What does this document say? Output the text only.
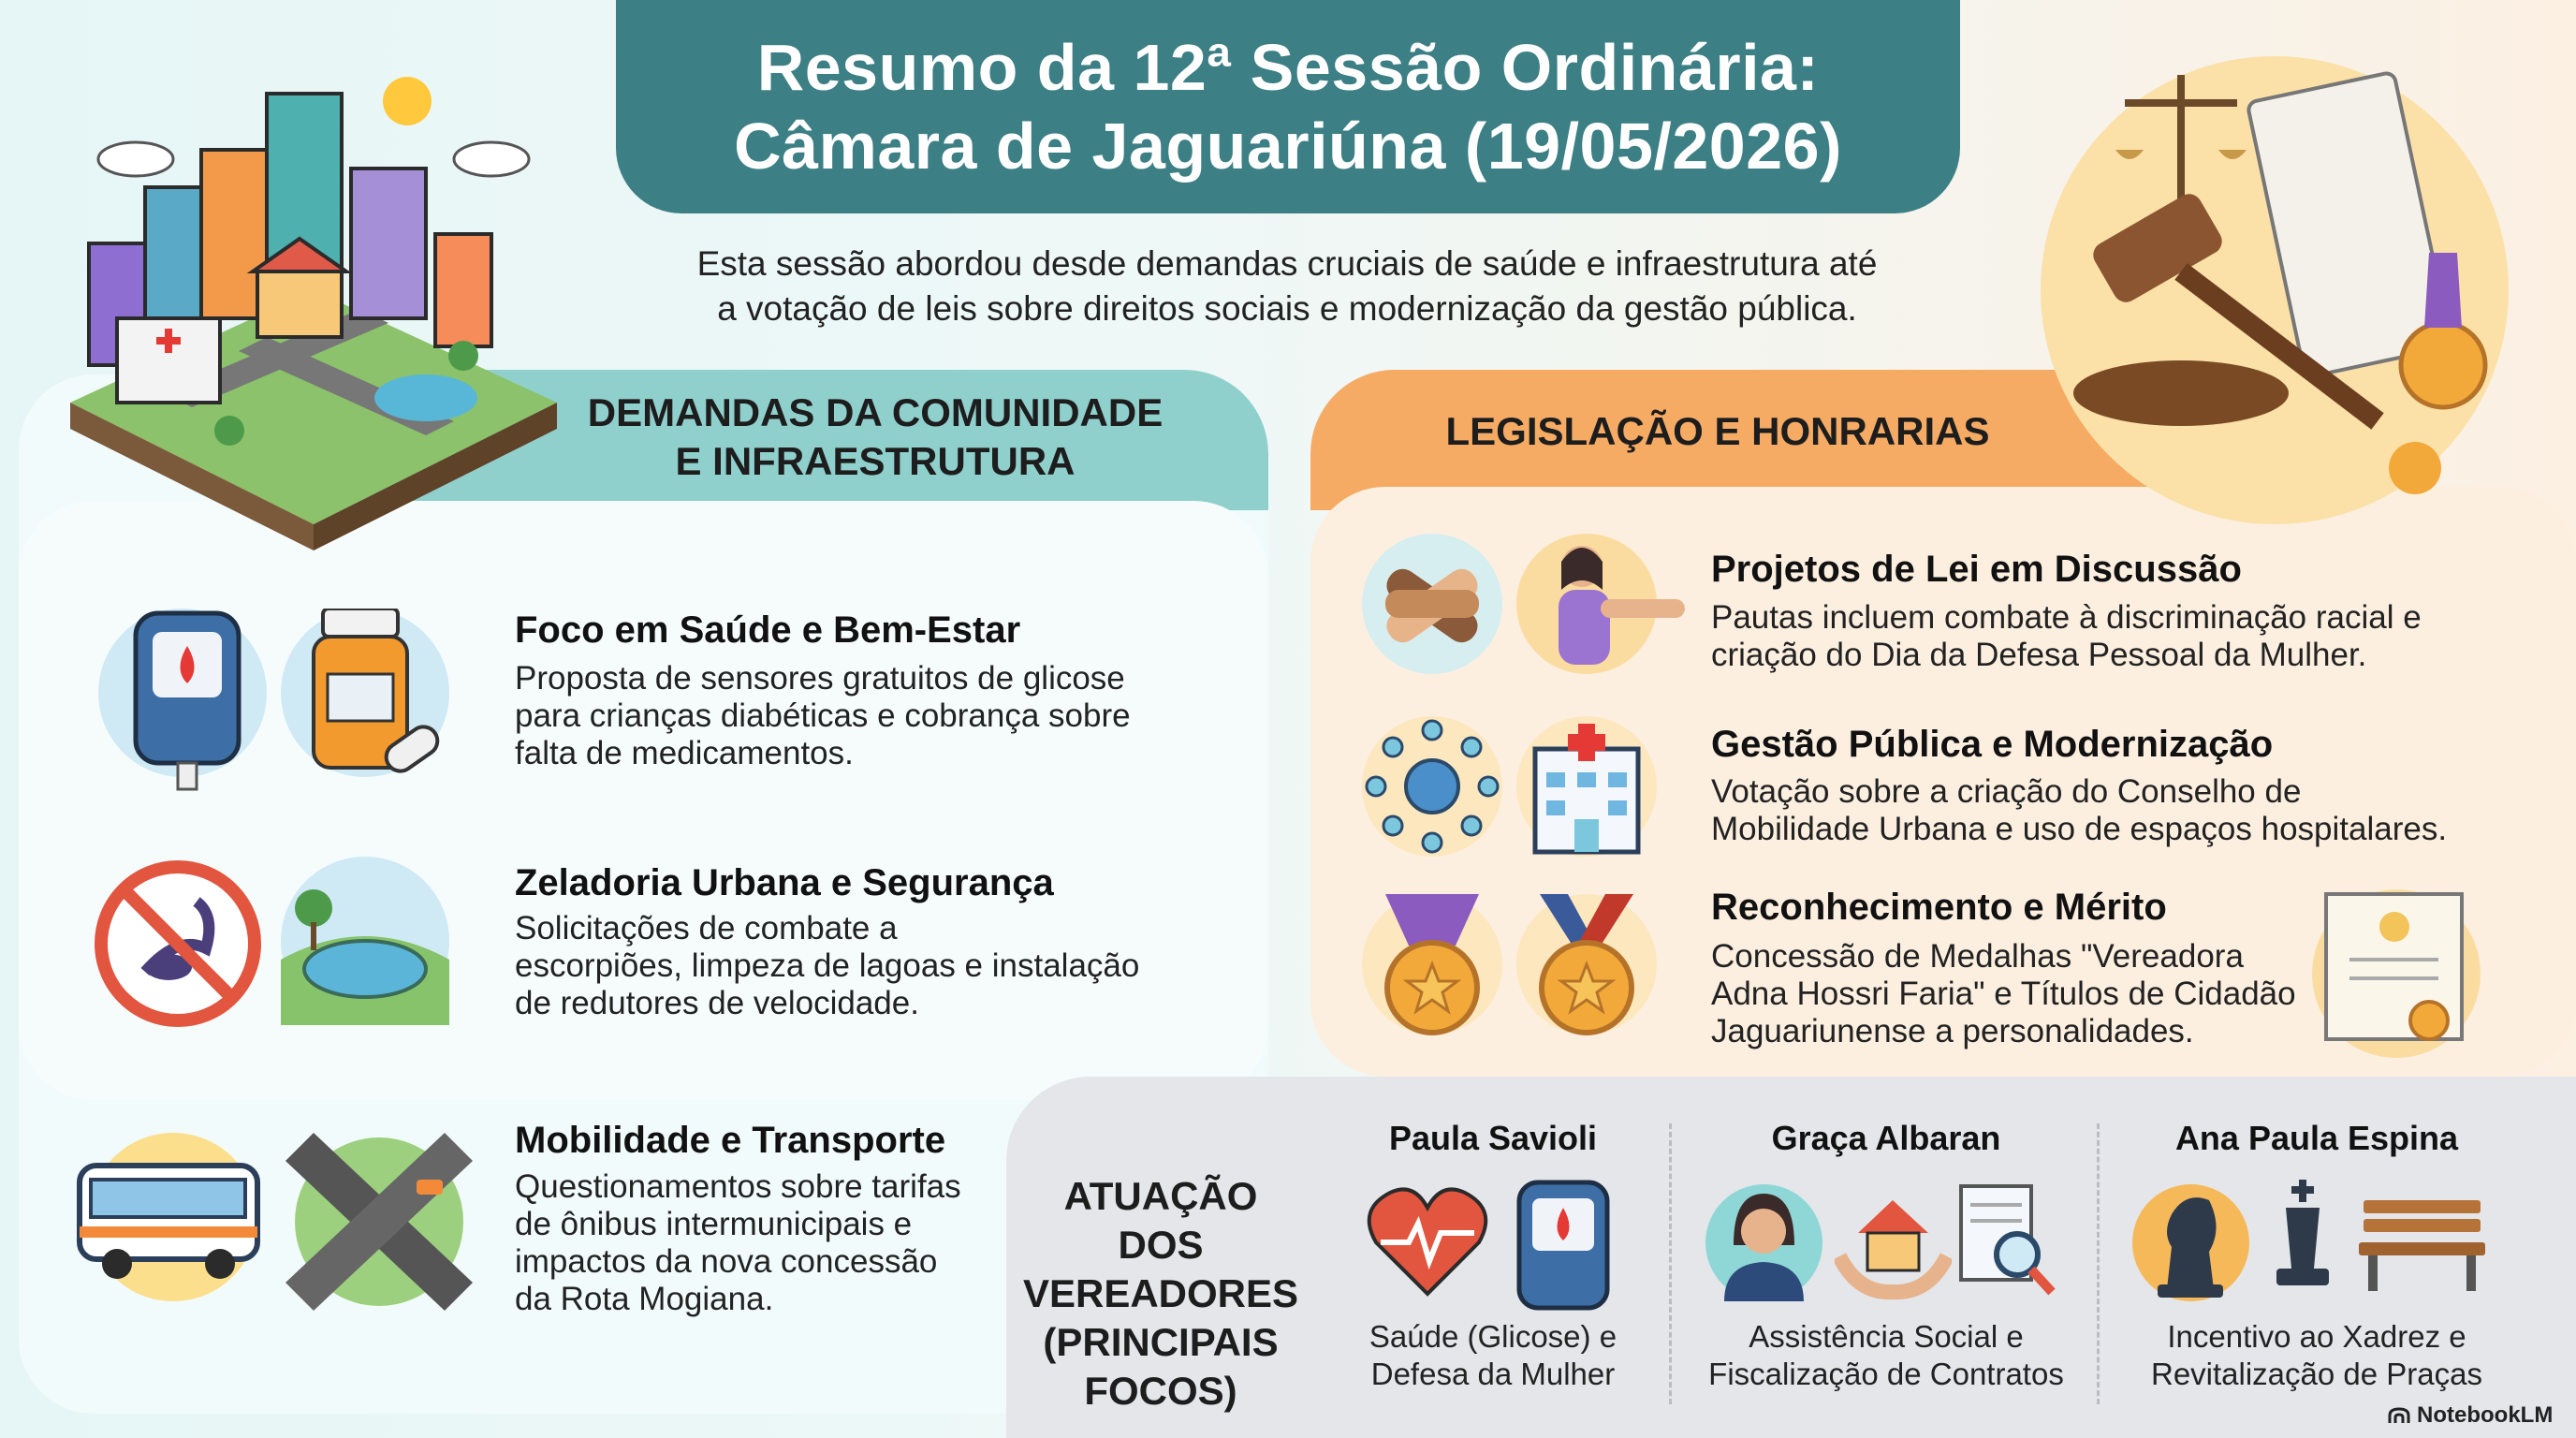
Resumo da 12ª Sessão Ordinária:
Câmara de Jaguariúna (19/05/2026)
Esta sessão abordou desde demandas cruciais de saúde e infraestrutura até
a votação de leis sobre direitos sociais e modernização da gestão pública.
DEMANDAS DA COMUNIDADE
E INFRAESTRUTURA
Foco em Saúde e Bem-Estar
Proposta de sensores gratuitos de glicose
para crianças diabéticas e cobrança sobre
falta de medicamentos.
Zeladoria Urbana e Segurança
Solicitações de combate a
escorpiões, limpeza de lagoas e instalação
de redutores de velocidade.
Mobilidade e Transporte
Questionamentos sobre tarifas
de ônibus intermunicipais e
impactos da nova concessão
da Rota Mogiana.
LEGISLAÇÃO E HONRARIAS
Projetos de Lei em Discussão
Pautas incluem combate à discriminação racial e
criação do Dia da Defesa Pessoal da Mulher.
Gestão Pública e Modernização
Votação sobre a criação do Conselho de
Mobilidade Urbana e uso de espaços hospitalares.
Reconhecimento e Mérito
Concessão de Medalhas "Vereadora
Adna Hossri Faria" e Títulos de Cidadão
Jaguariunense a personalidades.
ATUAÇÃO DOS
VEREADORES
(PRINCIPAIS
FOCOS)
Paula Savioli
Saúde (Glicose) e
Defesa da Mulher
Graça Albaran
Assistência Social e
Fiscalização de Contratos
Ana Paula Espina
Incentivo ao Xadrez e
Revitalização de Praças
NotebookLM
